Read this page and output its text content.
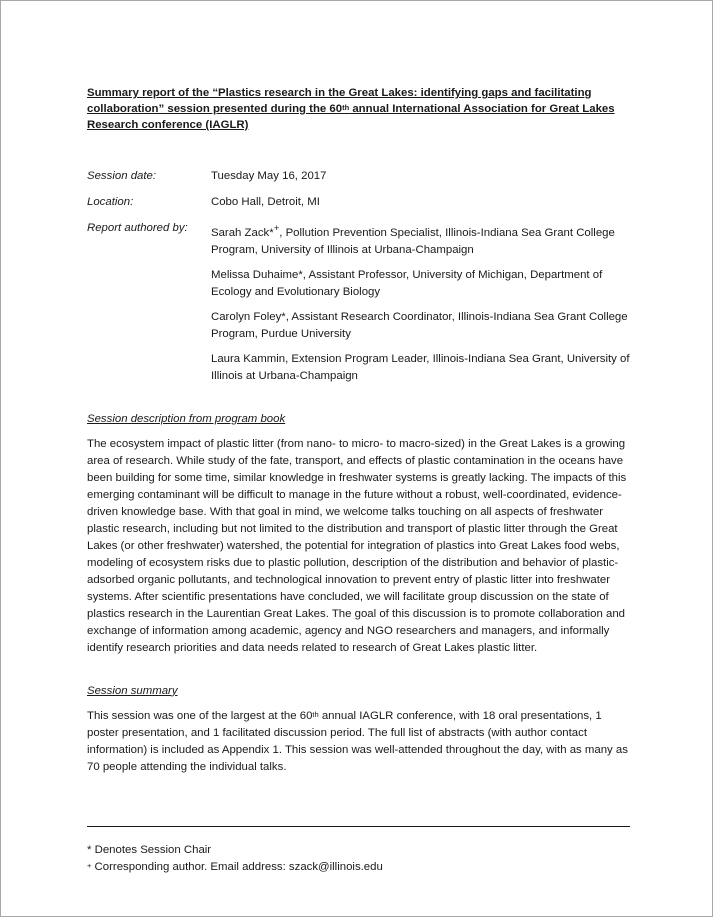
Summary report of the “Plastics research in the Great Lakes: identifying gaps and facilitating collaboration” session presented during the 60th annual International Association for Great Lakes Research conference (IAGLR)

Session date:	Tuesday May 16, 2017
Location:	Cobo Hall, Detroit, MI
Report authored by:	Sarah Zack*+, Pollution Prevention Specialist, Illinois-Indiana Sea Grant College Program, University of Illinois at Urbana-Champaign
Melissa Duhaime*, Assistant Professor, University of Michigan, Department of Ecology and Evolutionary Biology
Carolyn Foley*, Assistant Research Coordinator, Illinois-Indiana Sea Grant College Program, Purdue University
Laura Kammin, Extension Program Leader, Illinois-Indiana Sea Grant, University of Illinois at Urbana-Champaign
Session description from program book
The ecosystem impact of plastic litter (from nano- to micro- to macro-sized) in the Great Lakes is a growing area of research. While study of the fate, transport, and effects of plastic contamination in the oceans have been building for some time, similar knowledge in freshwater systems is greatly lacking. The impacts of this emerging contaminant will be difficult to manage in the future without a robust, well-coordinated, evidence-driven knowledge base. With that goal in mind, we welcome talks touching on all aspects of freshwater plastic research, including but not limited to the distribution and transport of plastic litter through the Great Lakes (or other freshwater) watershed, the potential for integration of plastics into Great Lakes food webs, modeling of ecosystem risks due to plastic pollution, description of the distribution and behavior of plastic-adsorbed organic pollutants, and technological innovation to prevent entry of plastic litter into freshwater systems. After scientific presentations have concluded, we will facilitate group discussion on the state of plastics research in the Laurentian Great Lakes. The goal of this discussion is to promote collaboration and exchange of information among academic, agency and NGO researchers and managers, and informally identify research priorities and data needs related to research of Great Lakes plastic litter.
Session summary
This session was one of the largest at the 60th annual IAGLR conference, with 18 oral presentations, 1 poster presentation, and 1 facilitated discussion period. The full list of abstracts (with author contact information) is included as Appendix 1. This session was well-attended throughout the day, with as many as 70 people attending the individual talks.
* Denotes Session Chair
+ Corresponding author. Email address: szack@illinois.edu
